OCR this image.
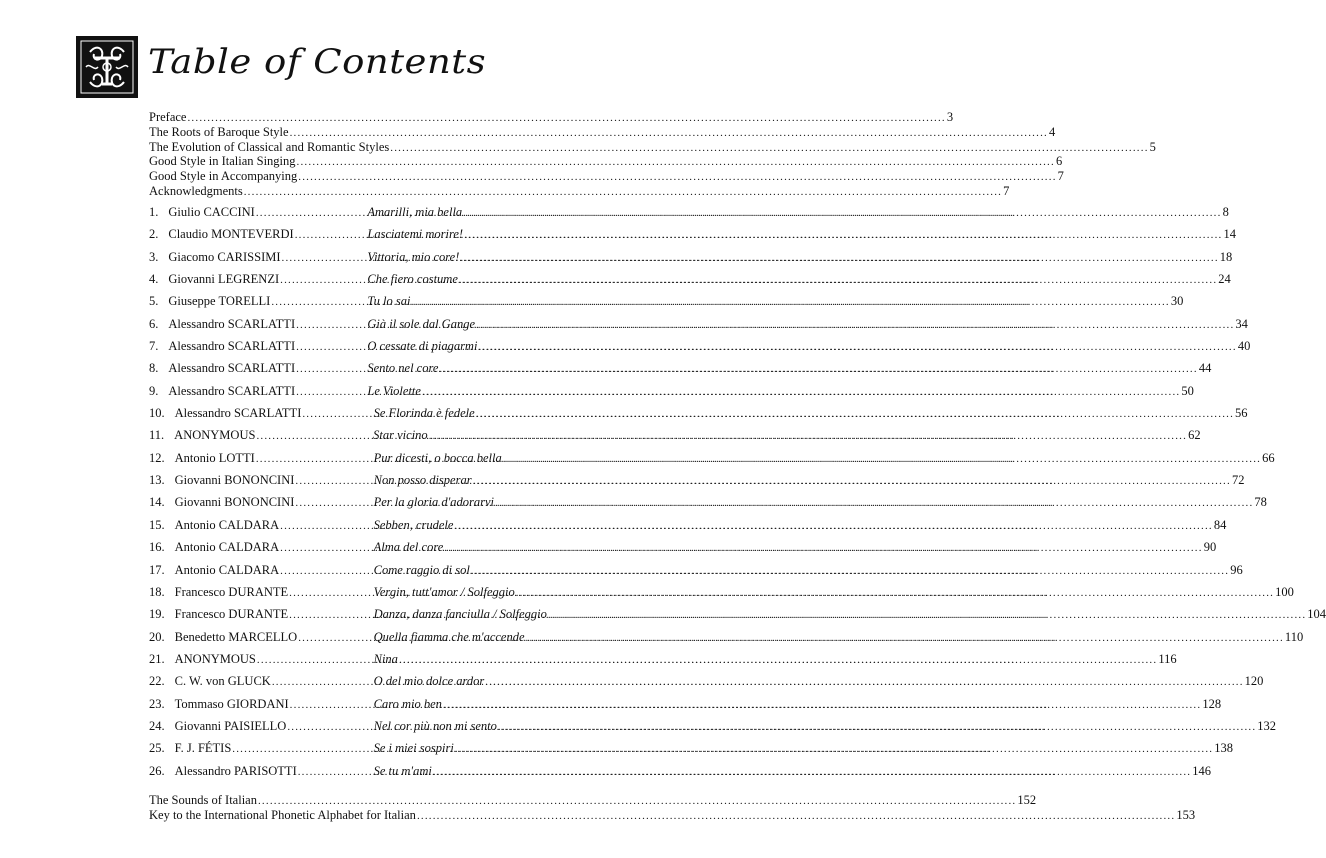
Table of Contents
Preface .....	3
The Roots of Baroque Style .....	4
The Evolution of Classical and Romantic Styles .....	5
Good Style in Italian Singing .....	6
Good Style in Accompanying .....	7
Acknowledgments .....	7
1. Giulio CACCINI .....	Amarilli, mia bella .....	8
2. Claudio MONTEVERDI .....	Lasciatemi morire! .....	14
3. Giacomo CARISSIMI .....	Vittoria, mio core! .....	18
4. Giovanni LEGRENZI .....	Che fiero costume .....	24
5. Giuseppe TORELLI .....	Tu lo sai .....	30
6. Alessandro SCARLATTI .....	Già il sole dal Gange .....	34
7. Alessandro SCARLATTI .....	O cessate di piagarmi .....	40
8. Alessandro SCARLATTI .....	Sento nel core .....	44
9. Alessandro SCARLATTI .....	Le Violette .....	50
10. Alessandro SCARLATTI .....	Se Florinda è fedele .....	56
11. ANONYMOUS .....	Star vicino .....	62
12. Antonio LOTTI .....	Pur dicesti, o bocca bella .....	66
13. Giovanni BONONCINI .....	Non posso disperar .....	72
14. Giovanni BONONCINI .....	Per la gloria d'adorarvi .....	78
15. Antonio CALDARA .....	Sebben, crudele .....	84
16. Antonio CALDARA .....	Alma del core .....	90
17. Antonio CALDARA .....	Come raggio di sol .....	96
18. Francesco DURANTE .....	Vergin, tutt'amor / Solfeggio .....	100
19. Francesco DURANTE .....	Danza, danza fanciulla / Solfeggio .....	104
20. Benedetto MARCELLO .....	Quella fiamma che m'accende .....	110
21. ANONYMOUS .....	Nina .....	116
22. C. W. von GLUCK .....	O del mio dolce ardor .....	120
23. Tommaso GIORDANI .....	Caro mio ben .....	128
24. Giovanni PAISIELLO .....	Nel cor più non mi sento .....	132
25. F. J. FÉTIS .....	Se i miei sospiri .....	138
26. Alessandro PARISOTTI .....	Se tu m'ami .....	146
The Sounds of Italian .....	152
Key to the International Phonetic Alphabet for Italian .....	153
